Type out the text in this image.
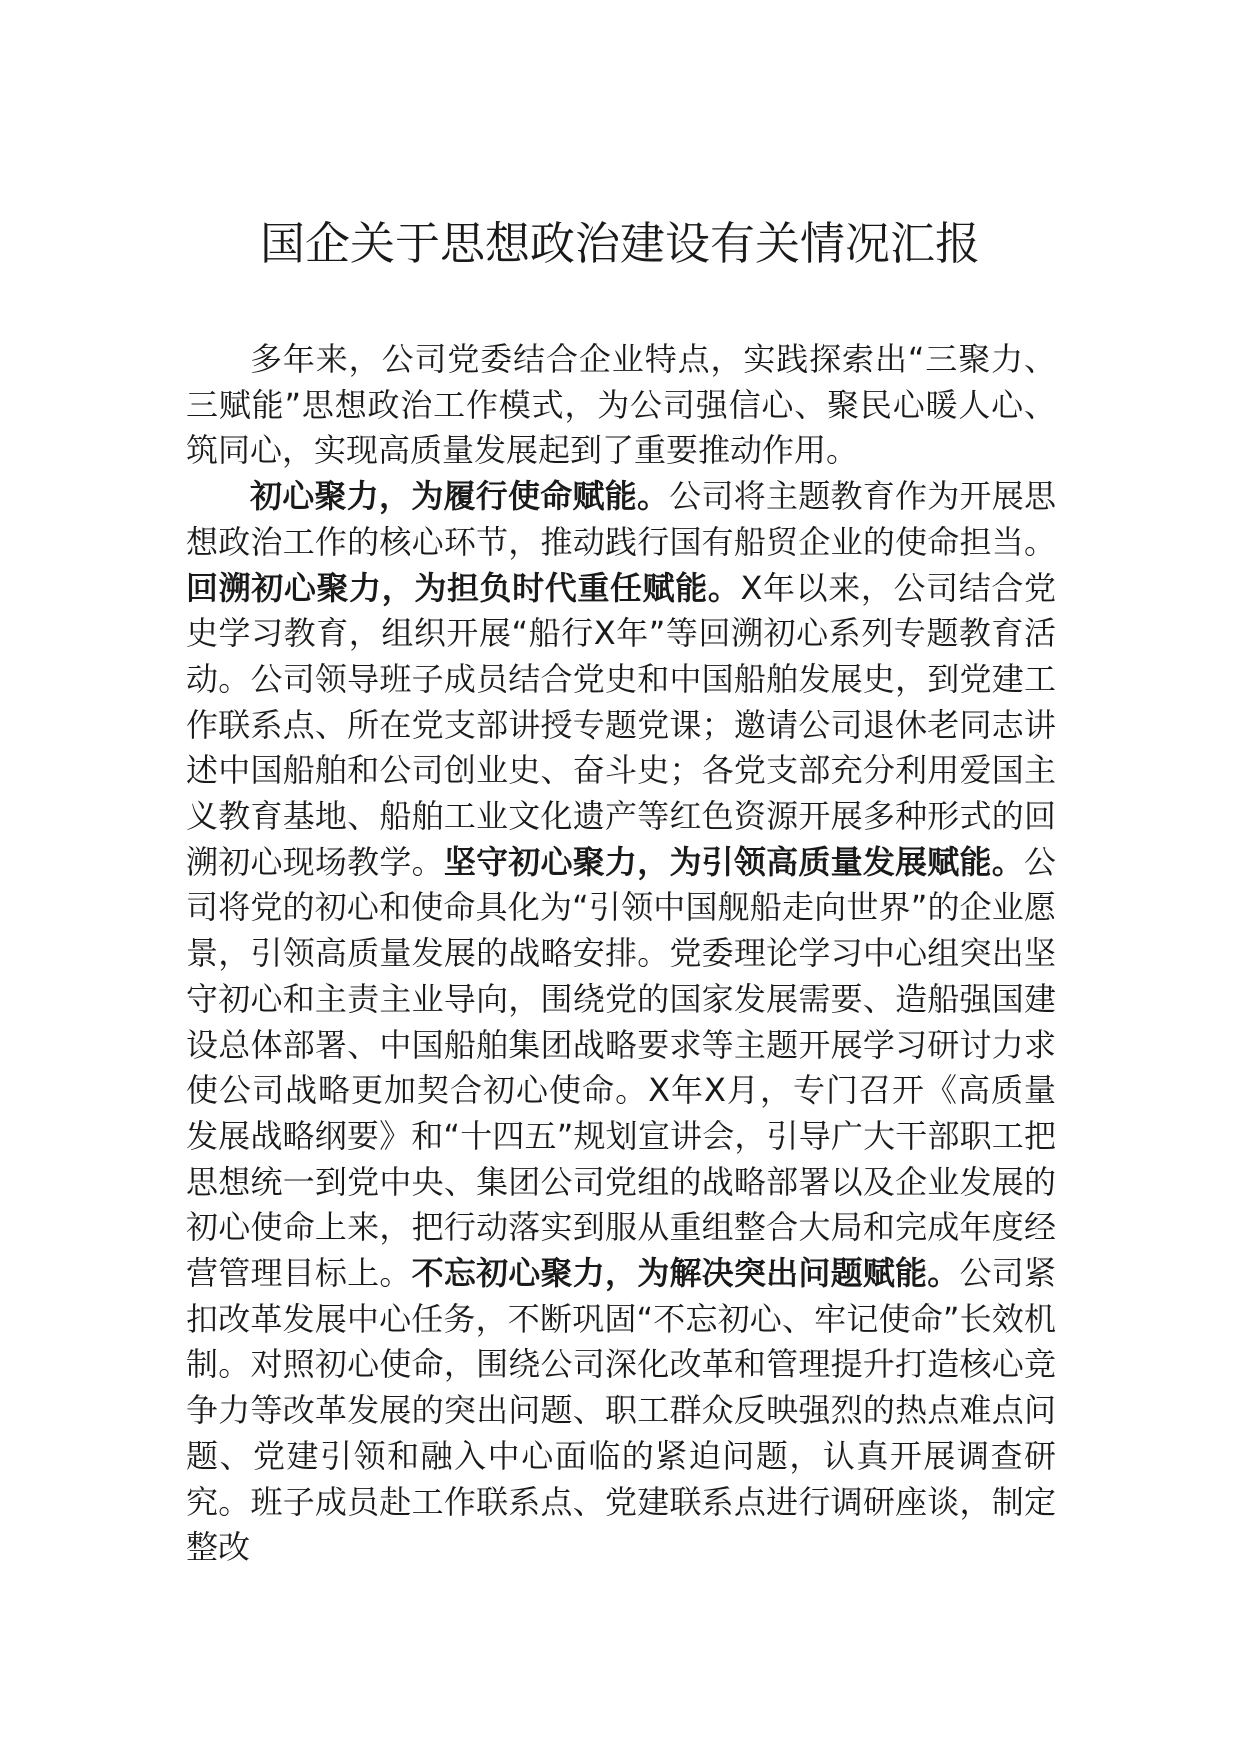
国企关于思想政治建设有关情况汇报

多年来，公司党委结合企业特点，实践探索出“三聚力、三赋能”思想政治工作模式，为公司强信心、聚民心暖人心、筑同心，实现高质量发展起到了重要推动作用。

初心聚力，为履行使命赋能。公司将主题教育作为开展思想政治工作的核心环节，推动践行国有船贸企业的使命担当。回溯初心聚力，为担负时代重任赋能。X年以来，公司结合党史学习教育，组织开展“船行X年”等回溯初心系列专题教育活动。公司领导班子成员结合党史和中国船舶发展史，到党建工作联系点、所在党支部讲授专题党课；邀请公司退休老同志讲述中国船舶和公司创业史、奋斗史；各党支部充分利用爱国主义教育基地、船舶工业文化遗产等红色资源开展多种形式的回溯初心现场教学。坚守初心聚力，为引领高质量发展赋能。公司将党的初心和使命具化为“引领中国舰船走向世界”的企业愿景，引领高质量发展的战略安排。党委理论学习中心组突出坚守初心和主责主业导向，围绕党的国家发展需要、造船强国建设总体部署、中国船舶集团战略要求等主题开展学习研讨力求使公司战略更加契合初心使命。X年X月，专门召开《高质量发展战略纲要》和“十四五”规划宣讲会，引导广大干部职工把思想统一到党中央、集团公司党组的战略部署以及企业发展的初心使命上来，把行动落实到服从重组整合大局和完成年度经营管理目标上。不忘初心聚力，为解决突出问题赋能。公司紧扣改革发展中心任务，不断巩固“不忘初心、牢记使命”长效机制。对照初心使命，围绕公司深化改革和管理提升打造核心竞争力等改革发展的突出问题、职工群众反映强烈的热点难点问题、党建引领和融入中心面临的紧迫问题，认真开展调查研究。班子成员赴工作联系点、党建联系点进行调研座谈，制定整改
